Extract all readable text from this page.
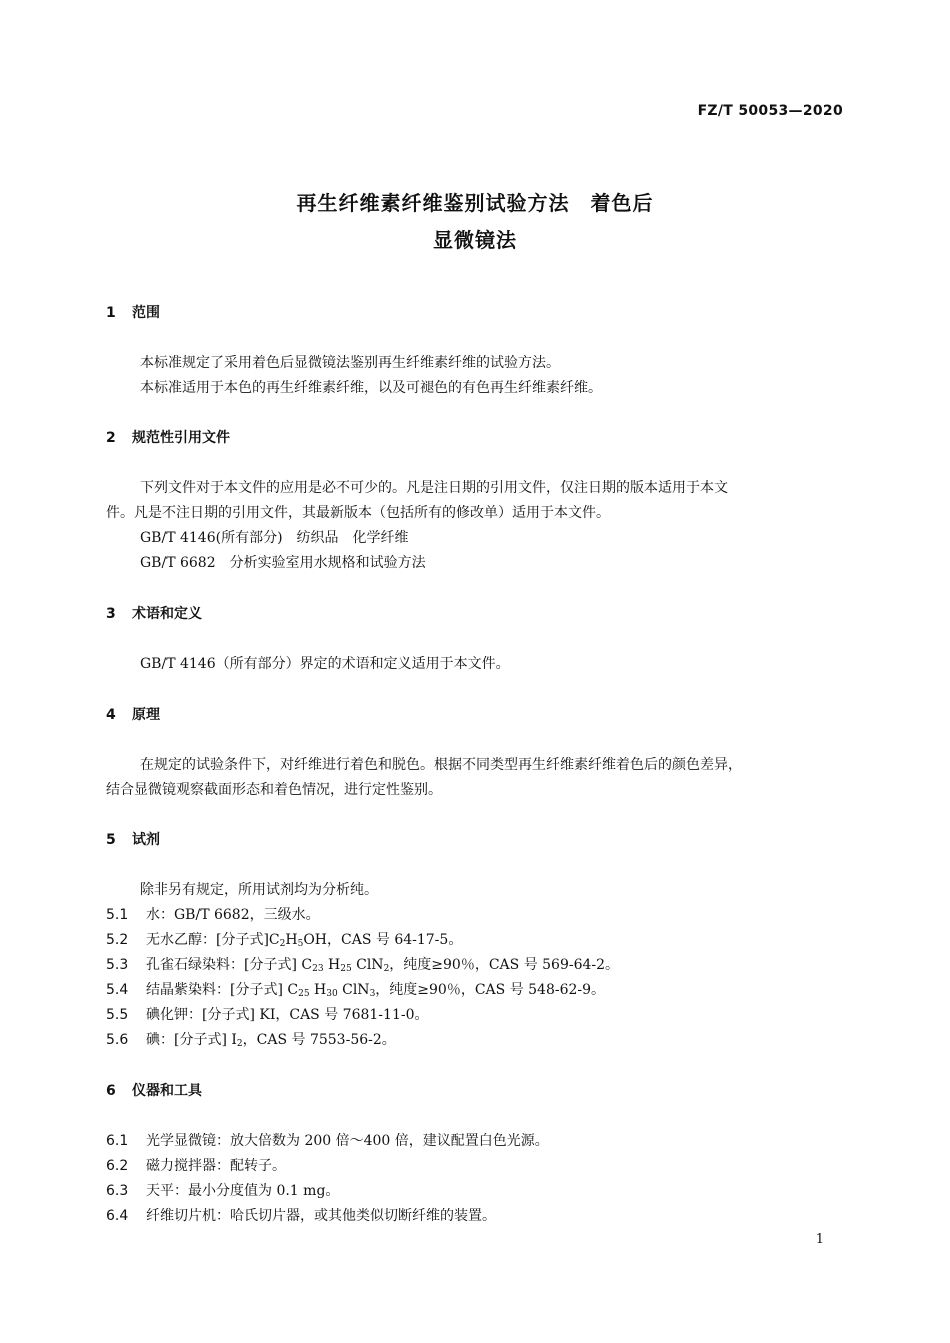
FZ/T 50053—2020
再生纤维素纤维鉴别试验方法　着色后
显微镜法
1 范围
本标准规定了采用着色后显微镜法鉴别再生纤维素纤维的试验方法。
本标准适用于本色的再生纤维素纤维，以及可褪色的有色再生纤维素纤维。
2 规范性引用文件
下列文件对于本文件的应用是必不可少的。凡是注日期的引用文件，仅注日期的版本适用于本文
件。凡是不注日期的引用文件，其最新版本（包括所有的修改单）适用于本文件。
GB/T 4146(所有部分)　纺织品　化学纤维
GB/T 6682　分析实验室用水规格和试验方法
3 术语和定义
GB/T 4146（所有部分）界定的术语和定义适用于本文件。
4 原理
在规定的试验条件下，对纤维进行着色和脱色。根据不同类型再生纤维素纤维着色后的颜色差异，
结合显微镜观察截面形态和着色情况，进行定性鉴别。
5 试剂
除非另有规定，所用试剂均为分析纯。
5.1 水：GB/T 6682，三级水。
5.2 无水乙醇：[分子式]$C_2H_5OH$，CAS 号 64-17-5。
5.3 孔雀石绿染料：[分子式] $C_{23}$ $H_{25}$ ClN$_2$，纯度≥90％，CAS 号 569-64-2。
5.4 结晶紫染料：[分子式] $C_{25}$ $H_{30}$ ClN$_3$，纯度≥90％，CAS 号 548-62-9。
5.5 碘化钾：[分子式] KI，CAS 号 7681-11-0。
5.6 碘：[分子式] $I_2$，CAS 号 7553-56-2。
6 仪器和工具
6.1 光学显微镜：放大倍数为 200 倍～400 倍，建议配置白色光源。
6.2 磁力搅拌器：配转子。
6.3 天平：最小分度值为 0.1 mg。
6.4 纤维切片机：哈氏切片器，或其他类似切断纤维的装置。
1
